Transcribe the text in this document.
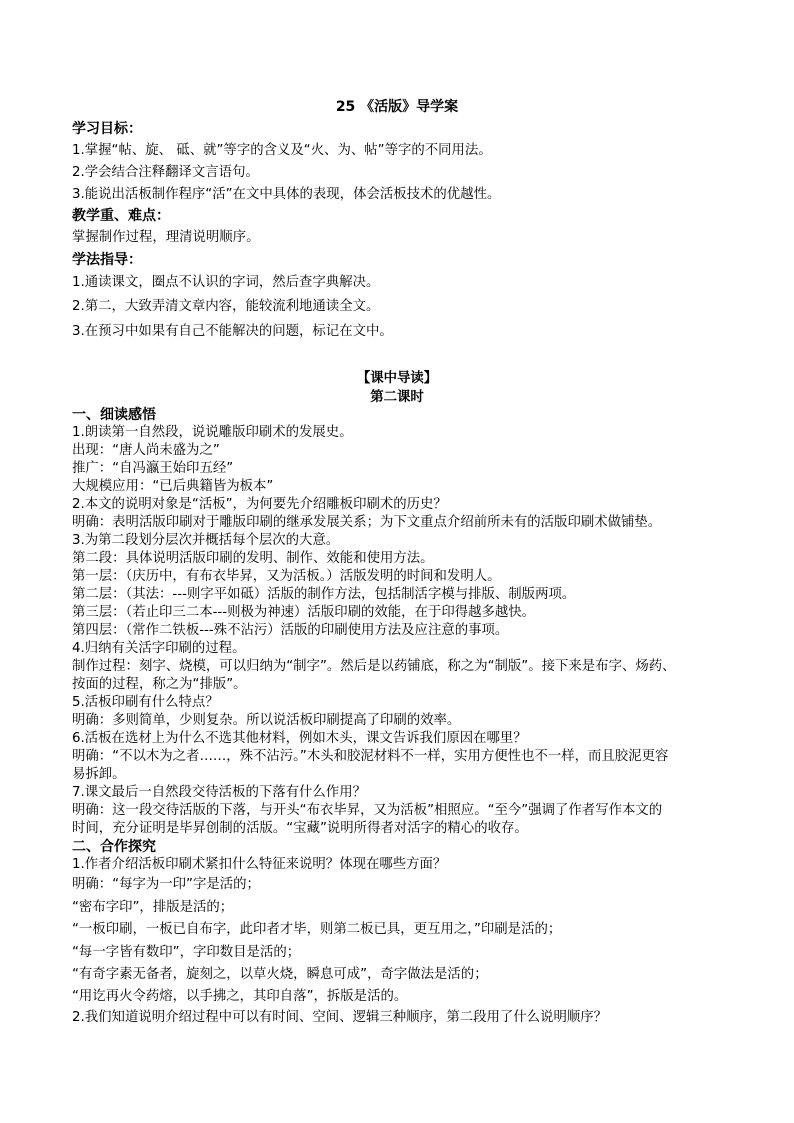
25 《活版》导学案
学习目标：
1.掌握“帖、旋、 砥、就”等字的含义及“火、为、帖”等字的不同用法。
2.学会结合注释翻译文言语句。
3.能说出活板制作程序“活”在文中具体的表现，体会活板技术的优越性。
教学重、难点：
掌握制作过程，理清说明顺序。
学法指导：
1.通读课文，圈点不认识的字词，然后查字典解决。
2.第二，大致弄清文章内容，能较流利地通读全文。
3.在预习中如果有自己不能解决的问题，标记在文中。
【课中导读】
第二课时
一、细读感悟
1.朗读第一自然段，说说雕版印刷术的发展史。
出现：“唐人尚未盛为之”
推广：“自冯瀛王始印五经”
大规模应用：“已后典籍皆为板本”
2.本文的说明对象是“活板”，为何要先介绍雕板印刷术的历史？
明确：表明活版印刷对于雕版印刷的继承发展关系；为下文重点介绍前所未有的活版印刷术做铺垫。
3.为第二段划分层次并概括每个层次的大意。
第二段：具体说明活版印刷的发明、制作、效能和使用方法。
第一层：（庆历中，有布衣毕昇，又为活板。）活版发明的时间和发明人。
第二层：（其法：---则字平如砥）活版的制作方法，包括制活字模与排版、制版两项。
第三层：（若止印三二本---则极为神速）活版印刷的效能，在于印得越多越快。
第四层：（常作二铁板---殊不沾污）活版的印刷使用方法及应注意的事项。
4.归纳有关活字印刷的过程。
制作过程：刻字、烧模，可以归纳为“制字”。然后是以药铺底，称之为“制版”。接下来是布字、炀药、
按面的过程，称之为“排版”。
5.活板印刷有什么特点？
明确：多则简单，少则复杂。所以说活板印刷提高了印刷的效率。
6.活板在选材上为什么不选其他材料，例如木头，课文告诉我们原因在哪里？
明确：“不以木为之者……，殊不沾污。”木头和胶泥材料不一样，实用方便性也不一样，而且胶泥更容
易拆卸。
7.课文最后一自然段交待活板的下落有什么作用？
明确：这一段交待活版的下落，与开头“布衣毕昇，又为活板”相照应。“至今”强调了作者写作本文的
时间，充分证明是毕昇创制的活版。“宝藏”说明所得者对活字的精心的收存。
二、合作探究
1.作者介绍活板印刷术紧扣什么特征来说明？体现在哪些方面？
明确：“每字为一印”字是活的；
“密布字印”，排版是活的；
“一板印刷，一板已自布字，此印者才毕，则第二板已具，更互用之，”印刷是活的；
“每一字皆有数印”，字印数目是活的；
“有奇字素无备者，旋刻之，以草火烧，瞬息可成”，奇字做法是活的；
“用讫再火令药熔，以手拂之，其印自落”，拆版是活的。
2.我们知道说明介绍过程中可以有时间、空间、逻辑三种顺序，第二段用了什么说明顺序？
